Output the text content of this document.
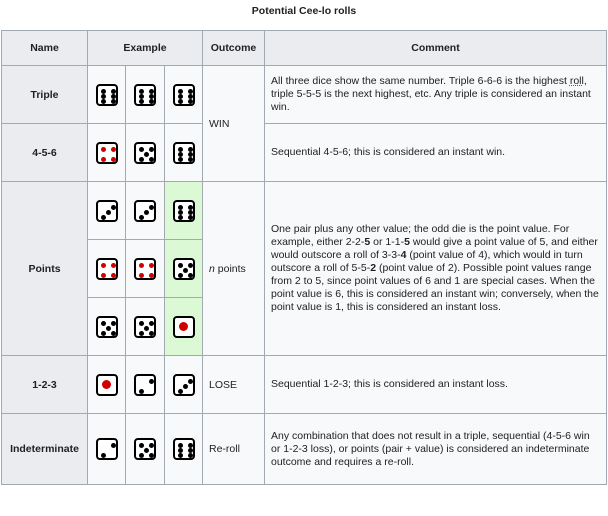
Potential Cee-lo rolls
Name	Example			Outcome	Comment
Triple				WIN	All three dice show the same number. Triple 6-6-6 is the highest roll, triple 5-5-5 is the next highest, etc. Any triple is considered an instant win.
4-5-6					Sequential 4-5-6; this is considered an instant win.
Points				n points	One pair plus any other value; the odd die is the point value. For example, either 2-2-5 or 1-1-5 would give a point value of 5, and either would outscore a roll of 3-3-4 (point value of 4), which would in turn outscore a roll of 5-5-2 (point value of 2). Possible point values range from 2 to 5, since point values of 6 and 1 are special cases. When the point value is 6, this is considered an instant win; conversely, when the point value is 1, this is considered an instant loss.

1-2-3				LOSE	Sequential 1-2-3; this is considered an instant loss.
Indeterminate				Re-roll	Any combination that does not result in a triple, sequential (4-5-6 win or 1-2-3 loss), or points (pair + value) is considered an indeterminate outcome and requires a re-roll.
